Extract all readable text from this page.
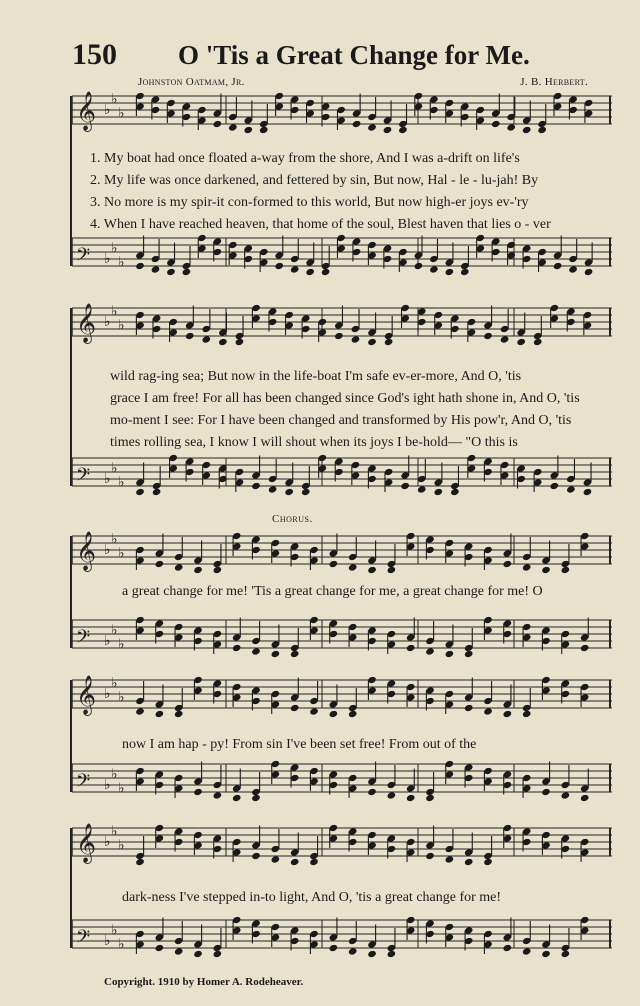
150 O 'Tis a Great Change for Me.
Johnston Oatmam, Jr.	J. B. Herbert.
𝄞 ♭
♭
♭
𝄢 ♭
♭
♭
1. My boat had once floated a-way from the shore, And I was a-drift on life's
2. My life was once darkened, and fettered by sin, But now, Hal - le - lu-jah! By
3. No more is my spir-it con-formed to this world, But now high-er joys ev-'ry
4. When I have reached heaven, that home of the soul, Blest haven that lies o - ver
𝄞 ♭
♭
♭
𝄢 ♭
♭
♭
wild rag-ing sea; But now in the life-boat I'm safe ev-er-more, And O, 'tis
grace I am free! For all has been changed since God's ight hath shone in, And O, 'tis
mo-ment I see: For I have been changed and transformed by His pow'r, And O, 'tis
times rolling sea, I know I will shout when its joys I be-hold— "O this is
Chorus.
𝄞 ♭
♭
♭
𝄢 ♭
♭
♭
a great change for me! 'Tis a great change for me, a great change for me! O
𝄞 ♭
♭
♭
𝄢 ♭
♭
♭
now I am hap - py! From sin I've been set free! From out of the
𝄞 ♭
♭
♭
𝄢 ♭
♭
♭
dark-ness I've stepped in-to light, And O, 'tis a great change for me!
Copyright. 1910 by Homer A. Rodeheaver.
